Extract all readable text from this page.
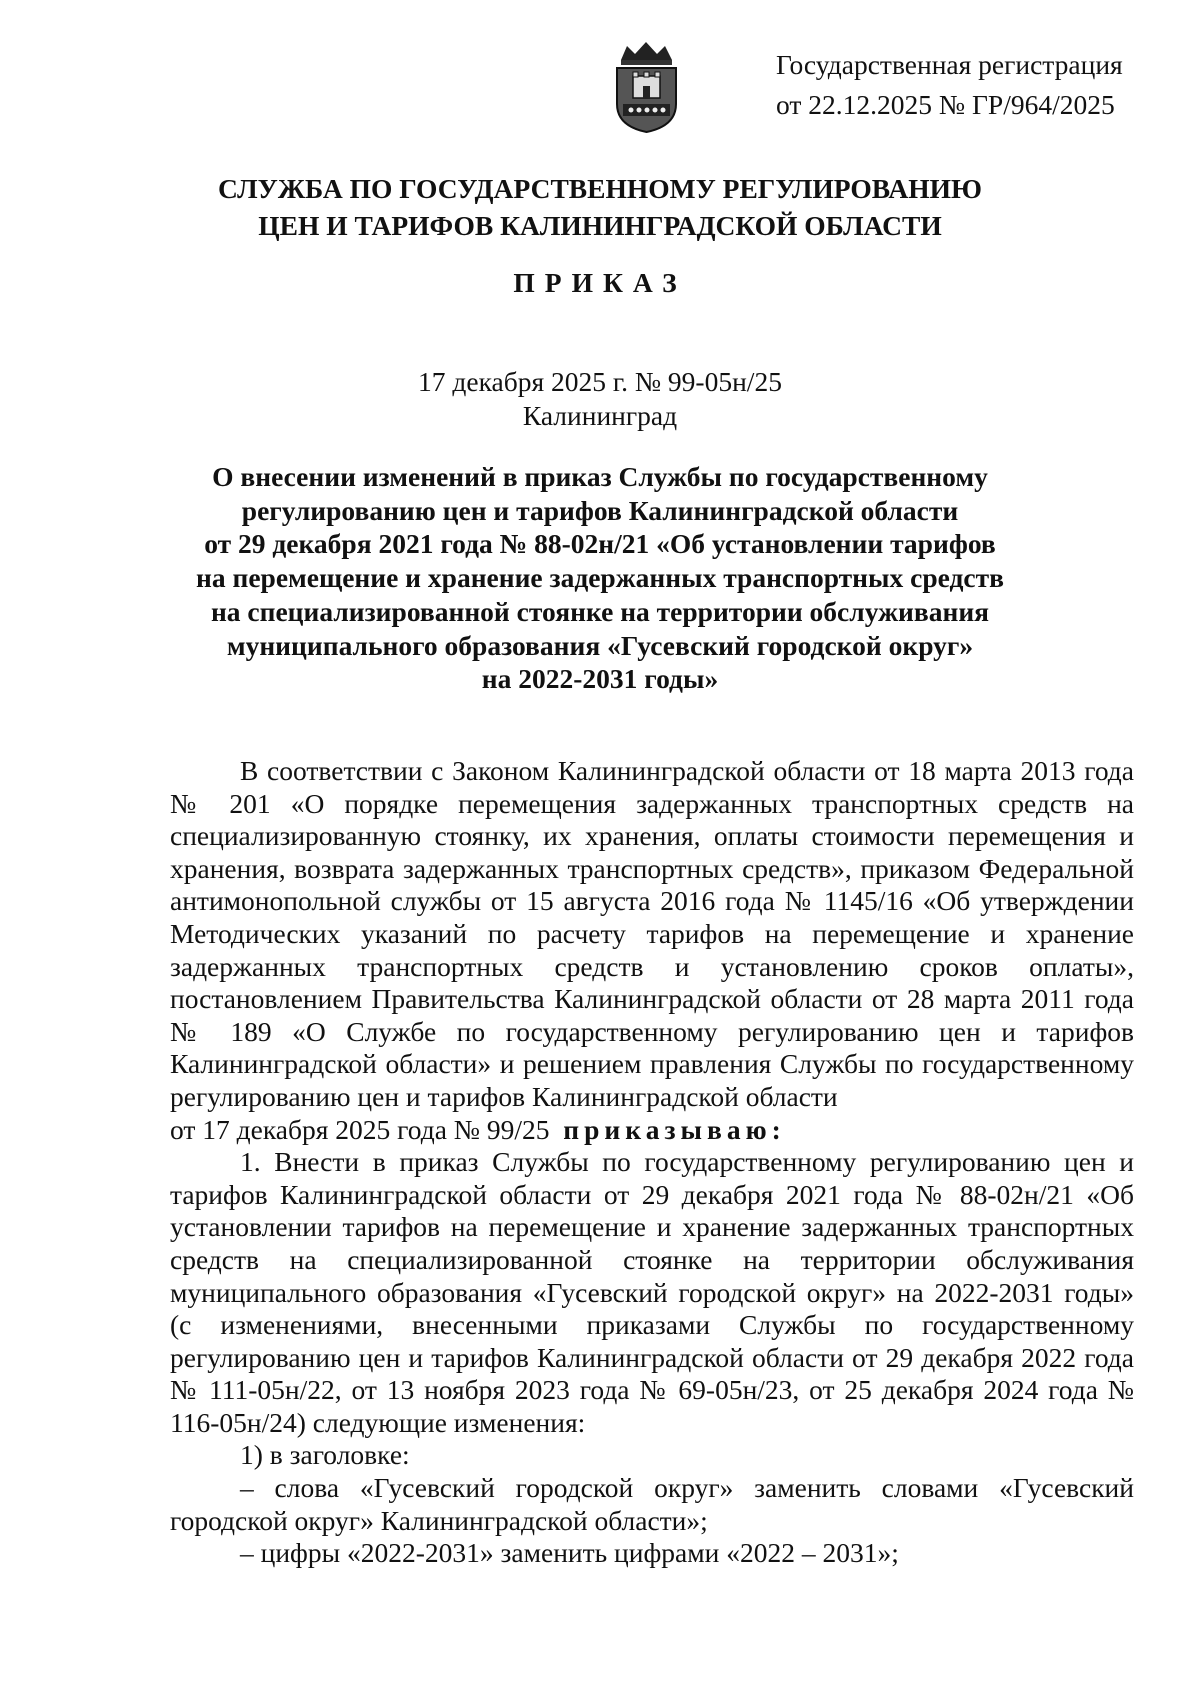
Государственная регистрация
от 22.12.2025 № ГР/964/2025
СЛУЖБА ПО ГОСУДАРСТВЕННОМУ РЕГУЛИРОВАНИЮ
ЦЕН И ТАРИФОВ КАЛИНИНГРАДСКОЙ ОБЛАСТИ
ПРИКАЗ
17 декабря 2025 г. № 99-05н/25
Калининград
О внесении изменений в приказ Службы по государственному
регулированию цен и тарифов Калининградской области
от 29 декабря 2021 года № 88-02н/21 «Об установлении тарифов
на перемещение и хранение задержанных транспортных средств
на специализированной стоянке на территории обслуживания
муниципального образования «Гусевский городской округ»
на 2022-2031 годы»

В соответствии с Законом Калининградской области от 18 марта 2013 года № 201 «О порядке перемещения задержанных транспортных средств на специализированную стоянку, их хранения, оплаты стоимости перемещения и хранения, возврата задержанных транспортных средств», приказом Федеральной антимонопольной службы от 15 августа 2016 года № 1145/16 «Об утверждении Методических указаний по расчету тарифов на перемещение и хранение задержанных транспортных средств и установлению сроков оплаты», постановлением Правительства Калининградской области от 28 марта 2011 года № 189 «О Службе по государственному регулированию цен и тарифов Калининградской области» и решением правления Службы по государственному регулированию цен и тарифов Калининградской области
от 17 декабря 2025 года № 99/25 приказываю:

1. Внести в приказ Службы по государственному регулированию цен и тарифов Калининградской области от 29 декабря 2021 года № 88-02н/21 «Об установлении тарифов на перемещение и хранение задержанных транспортных средств на специализированной стоянке на территории обслуживания муниципального образования «Гусевский городской округ» на 2022-2031 годы» (с изменениями, внесенными приказами Службы по государственному регулированию цен и тарифов Калининградской области от 29 декабря 2022 года № 111-05н/22, от 13 ноября 2023 года № 69-05н/23, от 25 декабря 2024 года № 116-05н/24) следующие изменения:

1) в заголовке:

– слова «Гусевский городской округ» заменить словами «Гусевский городской округ» Калининградской области»;

– цифры «2022-2031» заменить цифрами «2022 – 2031»;
